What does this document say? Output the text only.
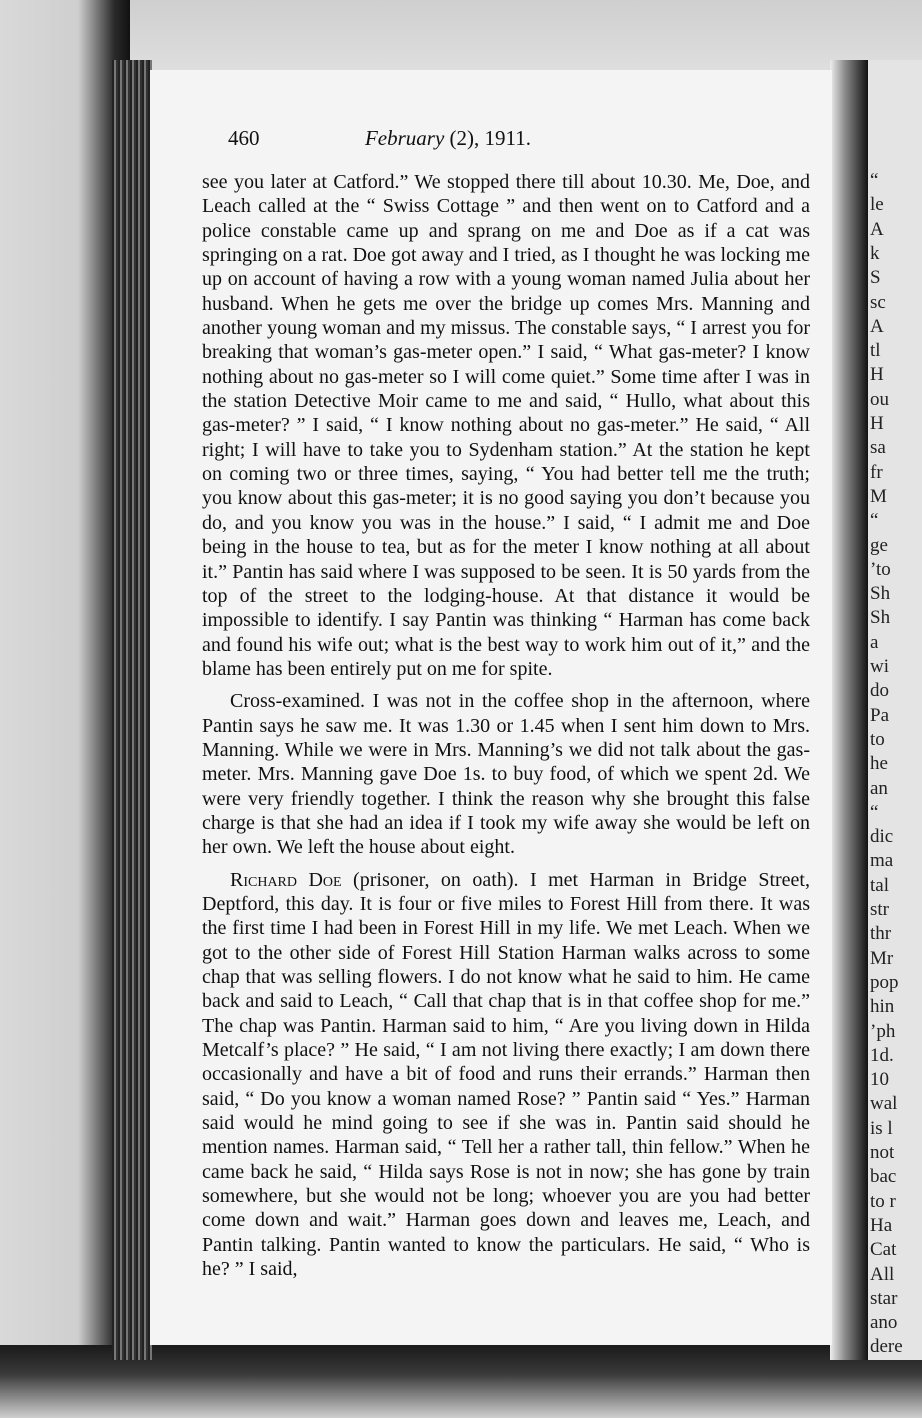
“
le
A
k
S
sc
A
tl
H
ou
H
sa
fr
M
“
ge
’to
Sh
Sh
a
wi
do
Pa
to
he
an
“
dic
ma
tal
str
thr
Mr
pop
hin
’ph
1d.
10
wal
is l
not
bac
to r
Ha
Cat
All
star
ano
dere
460	February (2), 1911.

see you later at Catford.” We stopped there till about 10.30. Me, Doe, and Leach called at the “ Swiss Cottage ” and then went on to Catford and a police constable came up and sprang on me and Doe as if a cat was springing on a rat. Doe got away and I tried, as I thought he was locking me up on account of having a row with a young woman named Julia about her husband. When he gets me over the bridge up comes Mrs. Manning and another young woman and my missus. The constable says, “ I arrest you for breaking that woman’s gas-meter open.” I said, “ What gas-meter? I know nothing about no gas-meter so I will come quiet.” Some time after I was in the station Detective Moir came to me and said, “ Hullo, what about this gas-meter? ” I said, “ I know nothing about no gas-meter.” He said, “ All right; I will have to take you to Sydenham station.” At the station he kept on coming two or three times, saying, “ You had better tell me the truth; you know about this gas-meter; it is no good saying you don’t because you do, and you know you was in the house.” I said, “ I admit me and Doe being in the house to tea, but as for the meter I know nothing at all about it.” Pantin has said where I was supposed to be seen. It is 50 yards from the top of the street to the lodging-house. At that distance it would be impossible to identify. I say Pantin was thinking “ Harman has come back and found his wife out; what is the best way to work him out of it,” and the blame has been entirely put on me for spite.

Cross-examined. I was not in the coffee shop in the afternoon, where Pantin says he saw me. It was 1.30 or 1.45 when I sent him down to Mrs. Manning. While we were in Mrs. Manning’s we did not talk about the gas-meter. Mrs. Manning gave Doe 1s. to buy food, of which we spent 2d. We were very friendly together. I think the reason why she brought this false charge is that she had an idea if I took my wife away she would be left on her own. We left the house about eight.

Richard Doe (prisoner, on oath). I met Harman in Bridge Street, Deptford, this day. It is four or five miles to Forest Hill from there. It was the first time I had been in Forest Hill in my life. We met Leach. When we got to the other side of Forest Hill Station Harman walks across to some chap that was selling flowers. I do not know what he said to him. He came back and said to Leach, “ Call that chap that is in that coffee shop for me.” The chap was Pantin. Harman said to him, “ Are you living down in Hilda Metcalf’s place? ” He said, “ I am not living there exactly; I am down there occasionally and have a bit of food and runs their errands.” Harman then said, “ Do you know a woman named Rose? ” Pantin said “ Yes.” Harman said would he mind going to see if she was in. Pantin said should he mention names. Harman said, “ Tell her a rather tall, thin fellow.” When he came back he said, “ Hilda says Rose is not in now; she has gone by train somewhere, but she would not be long; whoever you are you had better come down and wait.” Harman goes down and leaves me, Leach, and Pantin talking. Pantin wanted to know the particulars. He said, “ Who is he? ” I said,
